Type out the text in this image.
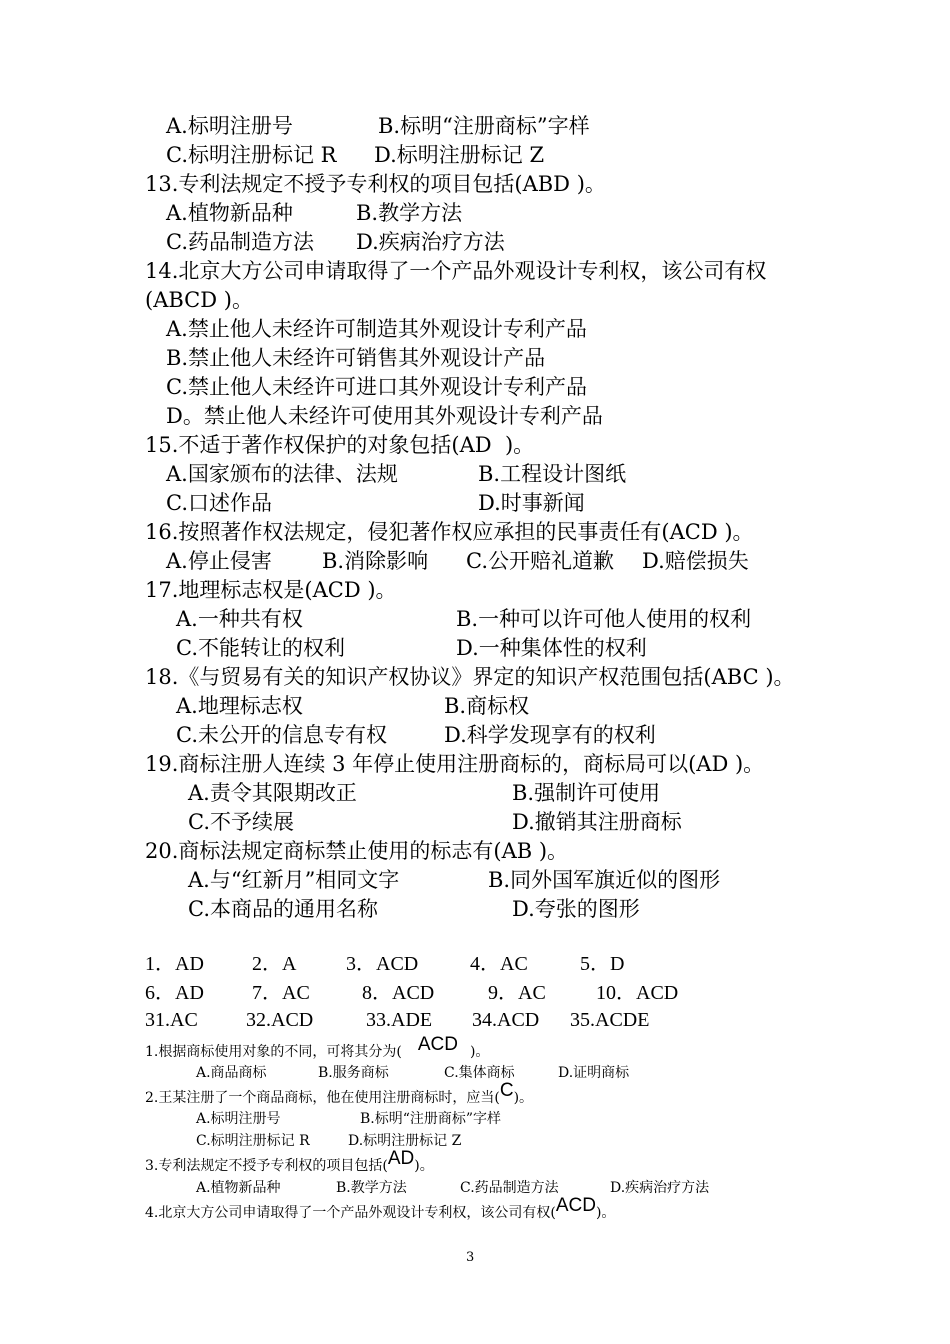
A.标明注册号	B.标明“注册商标”字样
C.标明注册标记 R D.标明注册标记 Z
13.专利法规定不授予专利权的项目包括(ABD )。
A.植物新品种	B.教学方法
C.药品制造方法 D.疾病治疗方法
14.北京大方公司申请取得了一个产品外观设计专利权，该公司有权
(ABCD )。
A.禁止他人未经许可制造其外观设计专利产品
B.禁止他人未经许可销售其外观设计产品
C.禁止他人未经许可进口其外观设计专利产品
D。禁止他人未经许可使用其外观设计专利产品
15.不适于著作权保护的对象包括(AD  )。
A.国家颁布的法律、法规	B.工程设计图纸
C.口述作品	D.时事新闻
16.按照著作权法规定，侵犯著作权应承担的民事责任有(ACD )。
A.停止侵害 B.消除影响 C.公开赔礼道歉 D.赔偿损失
17.地理标志权是(ACD )。
A.一种共有权	B.一种可以许可他人使用的权利
C.不能转让的权利	D.一种集体性的权利
18.《与贸易有关的知识产权协议》界定的知识产权范围包括(ABC )。
A.地理标志权	B.商标权
C.未公开的信息专有权	D.科学发现享有的权利
19.商标注册人连续 3 年停止使用注册商标的，商标局可以(AD )。
A.责令其限期改正	B.强制许可使用
C.不予续展	D.撤销其注册商标
20.商标法规定商标禁止使用的标志有(AB )。
A.与“红新月”相同文字	B.同外国军旗近似的图形
C.本商品的通用名称	D.夸张的图形
1．AD 2．A 3．ACD	4．AC	5．D
6．AD 7．AC	8．ACD	9．AC	10．ACD
31.AC 32.ACD	33.ADE 34.ACD 35.ACDE
1.根据商标使用对象的不同，可将其分为( ACD )。
A.商品商标	B.服务商标	C.集体商标	D.证明商标
2.王某注册了一个商品商标，他在使用注册商标时，应当(C)。
A.标明注册号	B.标明“注册商标”字样
C.标明注册标记 R	D.标明注册标记 Z
3.专利法规定不授予专利权的项目包括(AD)。
A.植物新品种	B.教学方法	C.药品制造方法	D.疾病治疗方法
4.北京大方公司申请取得了一个产品外观设计专利权，该公司有权(ACD)。
3
